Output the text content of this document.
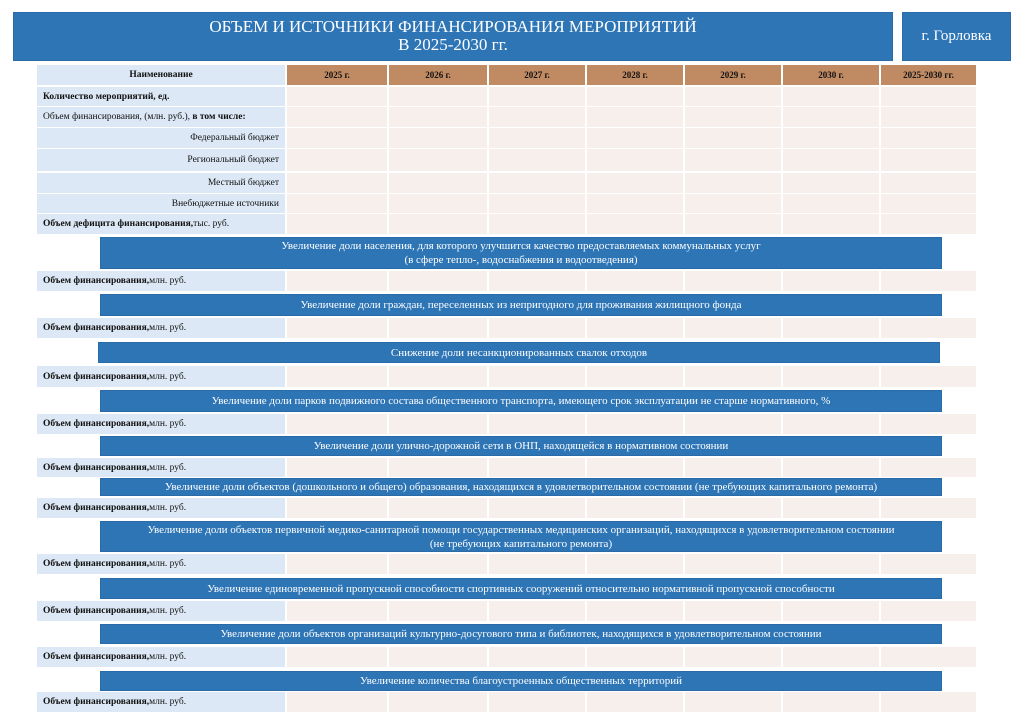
ОБЪЕМ И ИСТОЧНИКИ ФИНАНСИРОВАНИЯ МЕРОПРИЯТИЙ
В 2025-2030 гг.	г. Горловка
Наименование	2025 г.	2026 г.	2027 г.	2028 г.	2029 г.	2030 г.	2025-2030 гг.
Количество мероприятий, ед.
Объем финансирования, (млн. руб.),
в том числе:
Федеральный бюджет
Региональный бюджет
Местный бюджет
Внебюджетные источники
Объем дефицита финансирования, тыс. руб.
Увеличение доли населения, для которого улучшится качество предоставляемых коммунальных услуг
(в сфере тепло-, водоснабжения и водоотведения)
Объем финансирования, млн. руб.
Увеличение доли граждан, переселенных из непригодного для проживания жилищного фонда
Объем финансирования, млн. руб.
Снижение доли несанкционированных свалок отходов
Объем финансирования, млн. руб.
Увеличение доли парков подвижного состава общественного транспорта, имеющего срок эксплуатации не старше нормативного, %
Объем финансирования, млн. руб.
Увеличение доли улично-дорожной сети в ОНП, находящейся в нормативном состоянии
Объем финансирования, млн. руб.
Увеличение доли объектов (дошкольного и общего) образования, находящихся в удовлетворительном состоянии (не требующих капитального ремонта)
Объем финансирования, млн. руб.
Увеличение доли объектов первичной медико-санитарной помощи государственных медицинских организаций, находящихся в удовлетворительном состоянии
(не требующих капитального ремонта)
Объем финансирования, млн. руб.
Увеличение единовременной пропускной способности спортивных сооружений относительно нормативной пропускной способности
Объем финансирования, млн. руб.
Увеличение доли объектов организаций культурно-досугового типа и библиотек, находящихся в удовлетворительном состоянии
Объем финансирования, млн. руб.
Увеличение количества благоустроенных общественных территорий
Объем финансирования, млн. руб.
